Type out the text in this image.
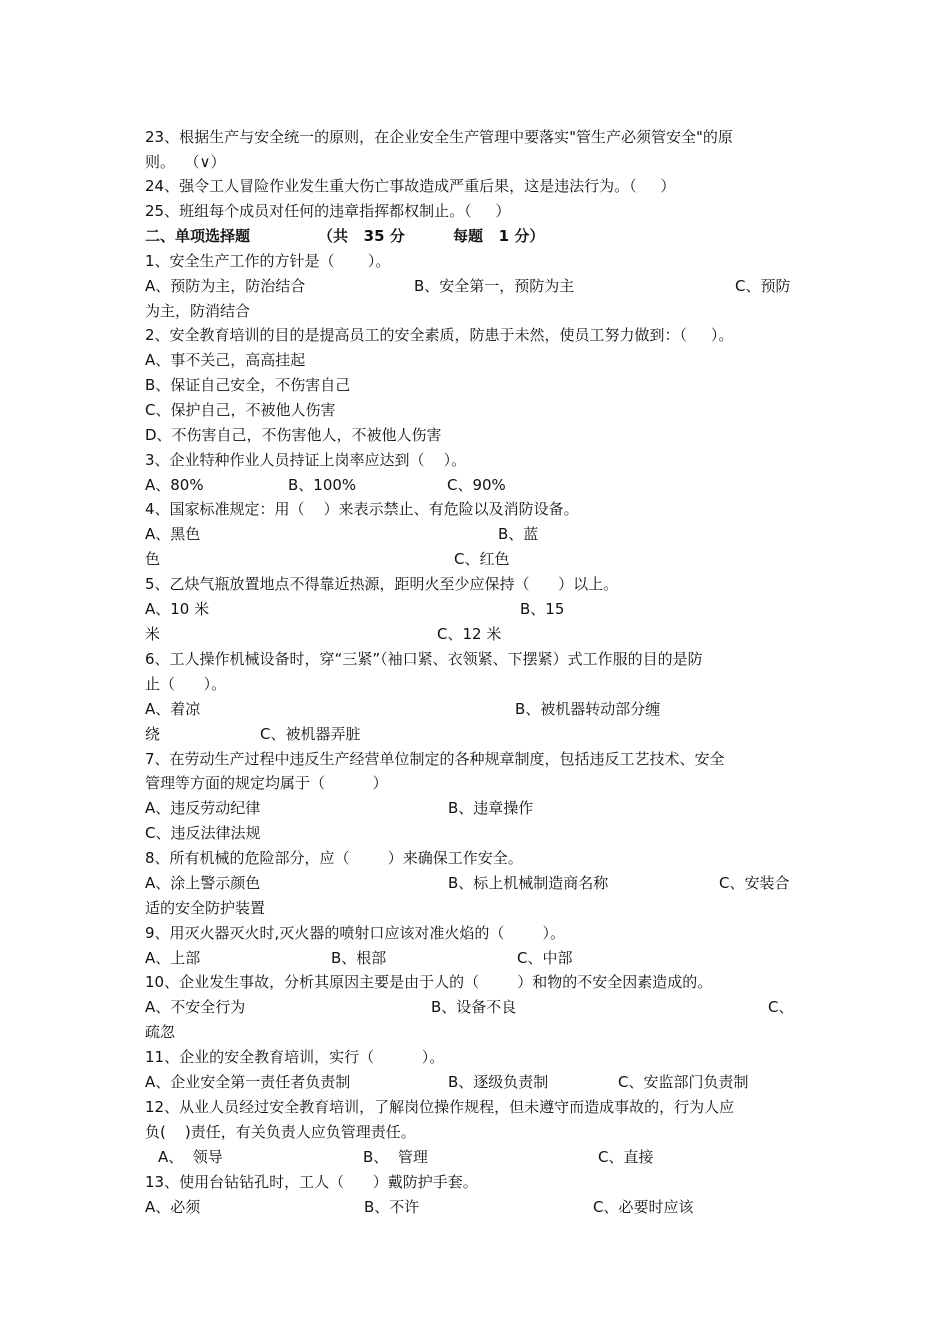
23、根据生产与安全统一的原则，在企业安全生产管理中要落实"管生产必须管安全"的原
则。  （∨）
24、强令工人冒险作业发生重大伤亡事故造成严重后果，这是违法行为。（     ）
25、班组每个成员对任何的违章指挥都权制止。（     ）
二、单项选择题	（共   35 分	每题   1 分）
1、安全生产工作的方针是（       ）。
A、预防为主，防治结合	B、安全第一，预防为主	C、预防
为主，防消结合
2、安全教育培训的目的是提高员工的安全素质，防患于未然，使员工努力做到：（     ）。
A、事不关己，高高挂起
B、保证自己安全，不伤害自己
C、保护自己，不被他人伤害
D、不伤害自己，不伤害他人，不被他人伤害
3、企业特种作业人员持证上岗率应达到（    ）。
A、80%	B、100%	C、90%
4、国家标准规定：用（    ）来表示禁止、有危险以及消防设备。
A、黑色	B、蓝
色	C、红色
5、乙炔气瓶放置地点不得靠近热源，距明火至少应保持（      ）以上。
A、10 米	B、15
米	C、12 米
6、工人操作机械设备时，穿“三紧”（袖口紧、衣领紧、下摆紧）式工作服的目的是防
止（      ）。
A、着凉	B、被机器转动部分缠
绕	C、被机器弄脏
7、在劳动生产过程中违反生产经营单位制定的各种规章制度，包括违反工艺技术、安全
管理等方面的规定均属于（          ）
A、违反劳动纪律	B、违章操作
C、违反法律法规
8、所有机械的危险部分，应（        ）来确保工作安全。
A、涂上警示颜色	B、标上机械制造商名称	C、安装合
适的安全防护装置
9、用灭火器灭火时,灭火器的喷射口应该对准火焰的（        ）。
A、上部	B、根部	C、中部
10、企业发生事故，分析其原因主要是由于人的（        ）和物的不安全因素造成的。
A、不安全行为	B、设备不良	C、
疏忽
11、企业的安全教育培训，实行（          ）。
A、企业安全第一责任者负责制	B、逐级负责制	C、安监部门负责制
12、从业人员经过安全教育培训，了解岗位操作规程，但未遵守而造成事故的，行为人应
负(    )责任，有关负责人应负管理责任。
A、  领导	B、  管理	C、直接
13、使用台钻钻孔时，工人（      ）戴防护手套。
A、必须	B、不许	C、必要时应该
